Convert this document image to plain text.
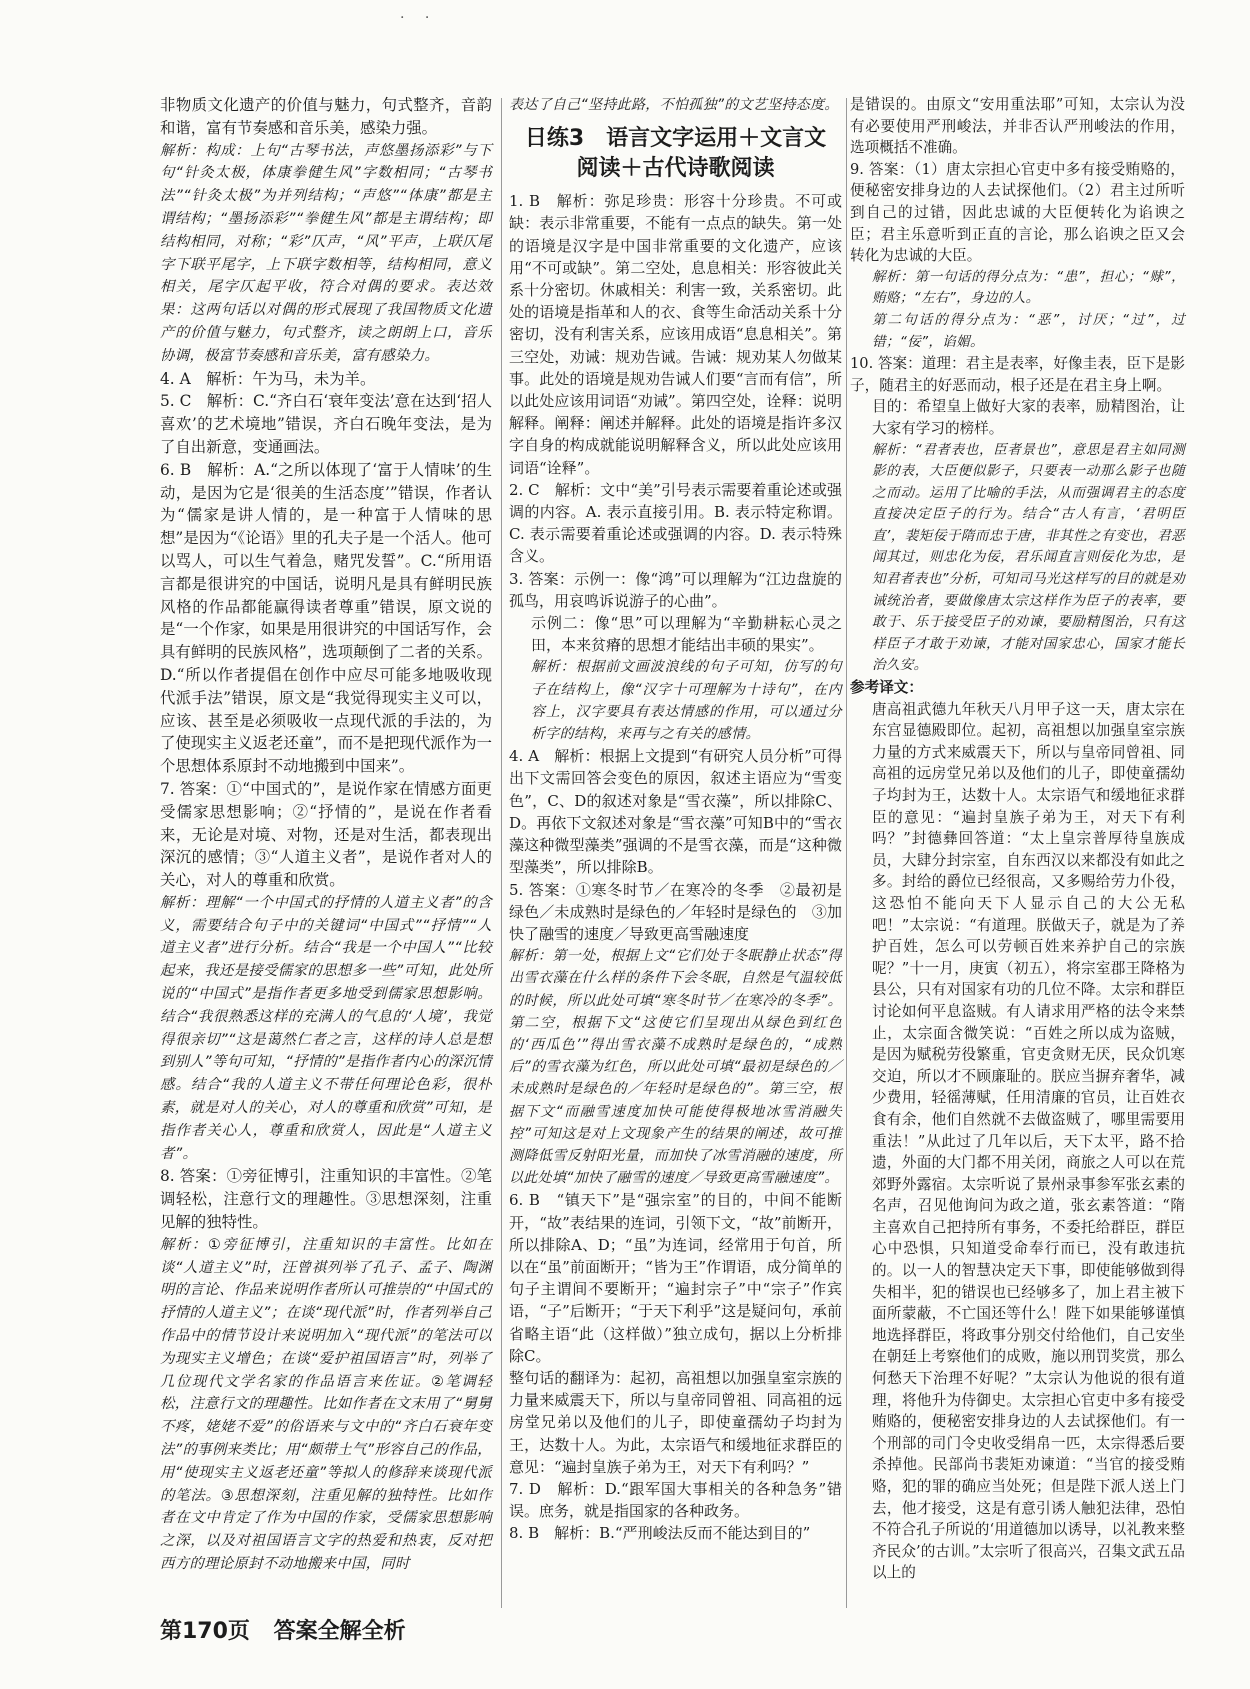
. .

非物质文化遗产的价值与魅力，句式整齐，音韵和谐，富有节奏感和音乐美，感染力强。

解析：构成：上句“古琴书法，声悠墨扬添彩”与下句“针灸太极，体康拳健生风”字数相同；“古琴书法”“针灸太极”为并列结构；“声悠”“体康”都是主谓结构；“墨扬添彩”“拳健生风”都是主谓结构；即结构相同，对称；“彩”仄声，“风”平声，上联仄尾字下联平尾字，上下联字数相等，结构相同，意义相关，尾字仄起平收，符合对偶的要求。表达效果：这两句话以对偶的形式展现了我国物质文化遗产的价值与魅力，句式整齐，读之朗朗上口，音乐协调，极富节奏感和音乐美，富有感染力。

4. A　解析：午为马，未为羊。

5. C　解析：C.“齐白石‘衰年变法’意在达到‘招人喜欢’的艺术境地”错误，齐白石晚年变法，是为了自出新意，变通画法。

6. B　解析：A.“之所以体现了‘富于人情味’的生动，是因为它是‘很美的生活态度’”错误，作者认为“儒家是讲人情的，是一种富于人情味的思想”是因为“《论语》里的孔夫子是一个活人。他可以骂人，可以生气着急，赌咒发誓”。C.“所用语言都是很讲究的中国话，说明凡是具有鲜明民族风格的作品都能赢得读者尊重”错误，原文说的是“一个作家，如果是用很讲究的中国话写作，会具有鲜明的民族风格”，选项颠倒了二者的关系。D.“所以作者提倡在创作中应尽可能多地吸收现代派手法”错误，原文是“我觉得现实主义可以，应该、甚至是必须吸收一点现代派的手法的，为了使现实主义返老还童”，而不是把现代派作为一个思想体系原封不动地搬到中国来”。

7. 答案：①“中国式的”，是说作家在情感方面更受儒家思想影响；②“抒情的”，是说在作者看来，无论是对境、对物，还是对生活，都表现出深沉的感情；③“人道主义者”，是说作者对人的关心，对人的尊重和欣赏。

解析：理解“一个中国式的抒情的人道主义者”的含义，需要结合句子中的关键词“中国式”“抒情”“人道主义者”进行分析。结合“我是一个中国人”“比较起来，我还是接受儒家的思想多一些”可知，此处所说的“中国式”是指作者更多地受到儒家思想影响。结合“我很熟悉这样的充满人的气息的‘人境’，我觉得很亲切”“这是蔼然仁者之言，这样的诗人总是想到别人”等句可知，“抒情的”是指作者内心的深沉情感。结合“我的人道主义不带任何理论色彩，很朴素，就是对人的关心，对人的尊重和欣赏”可知，是指作者关心人，尊重和欣赏人，因此是“人道主义者”。

8. 答案：①旁征博引，注重知识的丰富性。②笔调轻松，注意行文的理趣性。③思想深刻，注重见解的独特性。

解析：①旁征博引，注重知识的丰富性。比如在谈“人道主义”时，汪曾祺列举了孔子、孟子、陶渊明的言论、作品来说明作者所认可推崇的“中国式的抒情的人道主义”；在谈“现代派”时，作者列举自己作品中的情节设计来说明加入“现代派”的笔法可以为现实主义增色；在谈“爱护祖国语言”时，列举了几位现代文学名家的作品语言来佐证。②笔调轻松，注意行文的理趣性。比如作者在文末用了“舅舅不疼，姥姥不爱”的俗语来与文中的“齐白石衰年变法”的事例来类比；用“颇带土气”形容自己的作品，用“使现实主义返老还童”等拟人的修辞来谈现代派的笔法。③思想深刻，注重见解的独特性。比如作者在文中肯定了作为中国的作家，受儒家思想影响之深，以及对祖国语言文字的热爱和热衷，反对把西方的理论原封不动地搬来中国，同时

表达了自己“坚持此路，不怕孤独”的文艺坚持态度。

日练3　语言文字运用＋文言文
阅读＋古代诗歌阅读

1. B　解析：弥足珍贵：形容十分珍贵。不可或缺：表示非常重要，不能有一点点的缺失。第一处的语境是汉字是中国非常重要的文化遗产，应该用“不可或缺”。第二空处，息息相关：形容彼此关系十分密切。休戚相关：利害一致，关系密切。此处的语境是指革和人的衣、食等生命活动关系十分密切，没有利害关系，应该用成语“息息相关”。第三空处，劝诫：规劝告诫。告诫：规劝某人勿做某事。此处的语境是规劝告诫人们要“言而有信”，所以此处应该用词语“劝诫”。第四空处，诠释：说明解释。阐释：阐述并解释。此处的语境是指许多汉字自身的构成就能说明解释含义，所以此处应该用词语“诠释”。

2. C　解析：文中“美”引号表示需要着重论述或强调的内容。A. 表示直接引用。B. 表示特定称谓。C. 表示需要着重论述或强调的内容。D. 表示特殊含义。

3. 答案：示例一：像“鸿”可以理解为“江边盘旋的孤鸟，用哀鸣诉说游子的心曲”。

示例二：像“思”可以理解为“辛勤耕耘心灵之田，本来贫瘠的思想才能结出丰硕的果实”。

解析：根据前文画波浪线的句子可知，仿写的句子在结构上，像“汉字十可理解为十诗句”，在内容上，汉字要具有表达情感的作用，可以通过分析字的结构，来再与之有关的感情。

4. A　解析：根据上文提到“有研究人员分析”可得出下文需回答会变色的原因，叙述主语应为“雪变色”，C、D的叙述对象是“雪衣藻”，所以排除C、D。再依下文叙述对象是“雪衣藻”可知B中的“雪衣藻这种微型藻类”强调的不是雪衣藻，而是“这种微型藻类”，所以排除B。

5. 答案：①寒冬时节／在寒冷的冬季　②最初是绿色／未成熟时是绿色的／年轻时是绿色的　③加快了融雪的速度／导致更高雪融速度

解析：第一处，根据上文“它们处于冬眠静止状态”得出雪衣藻在什么样的条件下会冬眠，自然是气温较低的时候，所以此处可填“寒冬时节／在寒冷的冬季”。第二空，根据下文“这使它们呈现出从绿色到红色的‘西瓜色’”得出雪衣藻不成熟时是绿色的，“成熟后”的雪衣藻为红色，所以此处可填“最初是绿色的／未成熟时是绿色的／年轻时是绿色的”。第三空，根据下文“而融雪速度加快可能使得极地冰雪消融失控”可知这是对上文现象产生的结果的阐述，故可推测降低雪反射阳光量，而加快了冰雪消融的速度，所以此处填“加快了融雪的速度／导致更高雪融速度”。

6. B　“镇天下”是“强宗室”的目的，中间不能断开，“故”表结果的连词，引领下文，“故”前断开，所以排除A、D；“虽”为连词，经常用于句首，所以在“虽”前面断开；“皆为王”作谓语，成分简单的句子主谓间不要断开；“遍封宗子”中“宗子”作宾语，“子”后断开；“于天下利乎”这是疑问句，承前省略主语“此（这样做）”独立成句，据以上分析排除C。

整句话的翻译为：起初，高祖想以加强皇室宗族的力量来威震天下，所以与皇帝同曾祖、同高祖的远房堂兄弟以及他们的儿子，即使童孺幼子均封为王，达数十人。为此，太宗语气和缓地征求群臣的意见：“遍封皇族子弟为王，对天下有利吗？”

7. D　解析：D.“跟军国大事相关的各种急务”错误。庶务，就是指国家的各种政务。

8. B　解析：B.“严刑峻法反而不能达到目的”

是错误的。由原文“安用重法耶”可知，太宗认为没有必要使用严刑峻法，并非否认严刑峻法的作用，选项概括不准确。

9. 答案：（1）唐太宗担心官吏中多有接受贿赂的，便秘密安排身边的人去试探他们。（2）君主过所听到自己的过错，因此忠诚的大臣便转化为谄谀之臣；君主乐意听到正直的言论，那么谄谀之臣又会转化为忠诚的大臣。

解析：第一句话的得分点为：“患”，担心；“赇”，贿赂；“左右”，身边的人。

第二句话的得分点为：“恶”，讨厌；“过”，过错；“佞”，谄媚。

10. 答案：道理：君主是表率，好像圭表，臣下是影子，随君主的好恶而动，根子还是在君主身上啊。

目的：希望皇上做好大家的表率，励精图治，让大家有学习的榜样。

解析：“君者表也，臣者景也”，意思是君主如同测影的表，大臣便似影子，只要表一动那么影子也随之而动。运用了比喻的手法，从而强调君主的态度直接决定臣子的行为。结合“古人有言，‘君明臣直’，裴矩佞于隋而忠于唐，非其性之有变也，君恶闻其过，则忠化为佞，君乐闻直言则佞化为忠，是知君者表也”分析，可知司马光这样写的目的就是劝诫统治者，要做像唐太宗这样作为臣子的表率，要敢于、乐于接受臣子的劝谏，要励精图治，只有这样臣子才敢于劝谏，才能对国家忠心，国家才能长治久安。

参考译文：

唐高祖武德九年秋天八月甲子这一天，唐太宗在东宫显德殿即位。起初，高祖想以加强皇室宗族力量的方式来威震天下，所以与皇帝同曾祖、同高祖的远房堂兄弟以及他们的儿子，即使童孺幼子均封为王，达数十人。太宗语气和缓地征求群臣的意见：“遍封皇族子弟为王，对天下有利吗？”封德彝回答道：“太上皇宗普厚待皇族成员，大肆分封宗室，自东西汉以来都没有如此之多。封给的爵位已经很高，又多赐给劳力仆役，这恐怕不能向天下人显示自己的大公无私吧！”太宗说：“有道理。朕做天子，就是为了养护百姓，怎么可以劳顿百姓来养护自己的宗族呢？”十一月，庚寅（初五），将宗室郡王降格为县公，只有对国家有功的几位不降。太宗和群臣讨论如何平息盗贼。有人请求用严格的法令来禁止，太宗面含微笑说：“百姓之所以成为盗贼，是因为赋税劳役繁重，官吏贪财无厌，民众饥寒交迫，所以才不顾廉耻的。朕应当摒弃奢华，减少费用，轻徭薄赋，任用清廉的官员，让百姓衣食有余，他们自然就不去做盗贼了，哪里需要用重法！”从此过了几年以后，天下太平，路不拾遗，外面的大门都不用关闭，商旅之人可以在荒郊野外露宿。太宗听说了景州录事参军张玄素的名声，召见他询问为政之道，张玄素答道：“隋主喜欢自己把持所有事务，不委托给群臣，群臣心中恐惧，只知道受命奉行而已，没有敢违抗的。以一人的智慧决定天下事，即使能够做到得失相半，犯的错误也已经够多了，加上君主被下面所蒙蔽，不亡国还等什么！陛下如果能够谨慎地选择群臣，将政事分别交付给他们，自己安坐在朝廷上考察他们的成败，施以刑罚奖赏，那么何愁天下治理不好呢？”太宗认为他说的很有道理，将他升为侍御史。太宗担心官吏中多有接受贿赂的，便秘密安排身边的人去试探他们。有一个刑部的司门令史收受绢帛一匹，太宗得悉后要杀掉他。民部尚书裴矩劝谏道：“当官的接受贿赂，犯的罪的确应当处死；但是陛下派人送上门去，他才接受，这是有意引诱人触犯法律，恐怕不符合孔子所说的‘用道德加以诱导，以礼教来整齐民众’的古训。”太宗听了很高兴，召集文武五品以上的

第170页 答案全解全析
